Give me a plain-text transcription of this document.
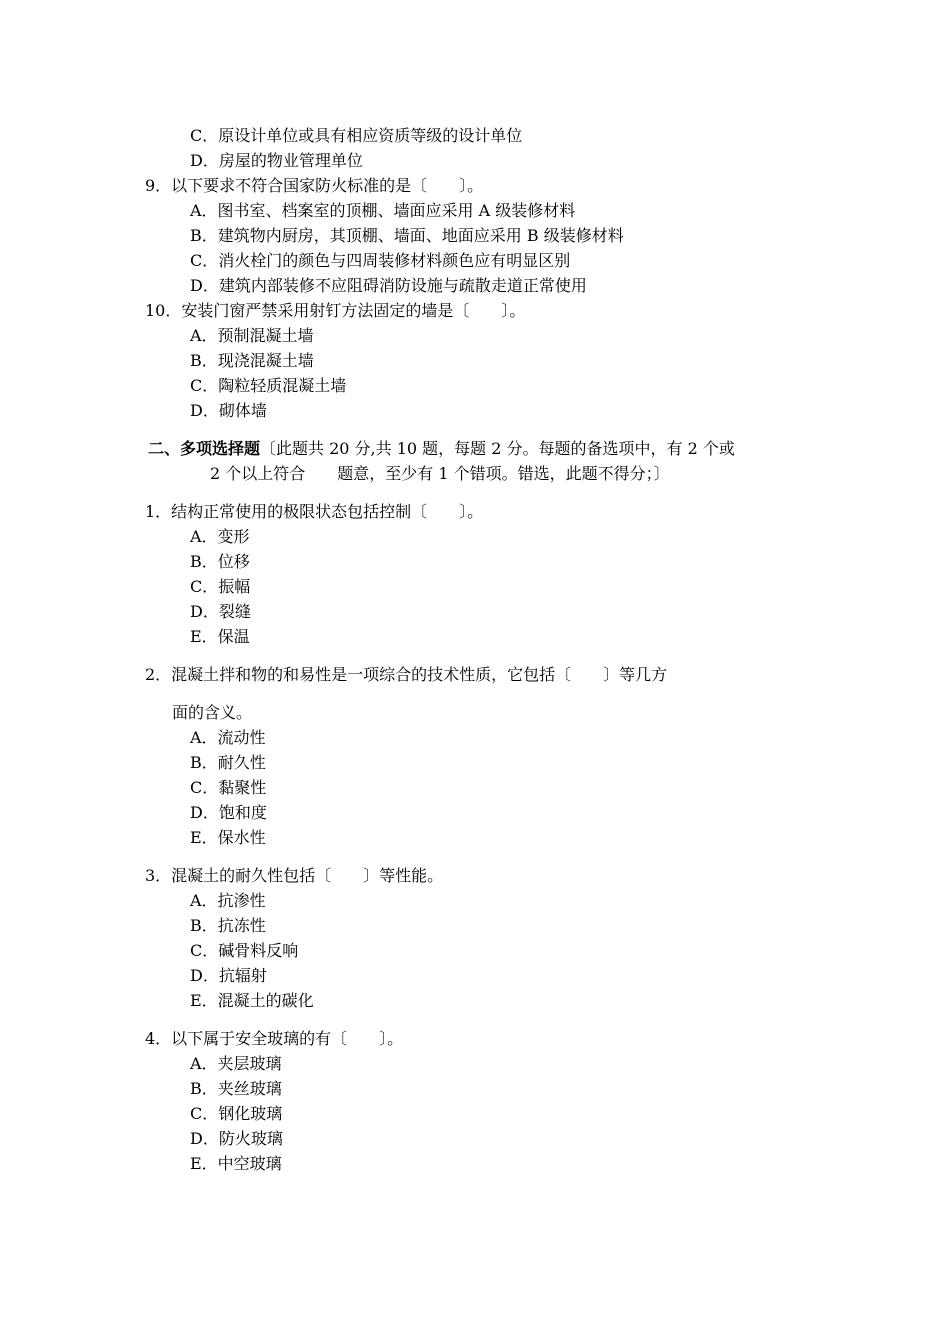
C．原设计单位或具有相应资质等级的设计单位
D．房屋的物业管理单位
9．以下要求不符合国家防火标准的是〔　　〕。
A．图书室、档案室的顶棚、墙面应采用 A 级装修材料
B．建筑物内厨房，其顶棚、墙面、地面应采用 B 级装修材料
C．消火栓门的颜色与四周装修材料颜色应有明显区别
D．建筑内部装修不应阻碍消防设施与疏散走道正常使用
10．安装门窗严禁采用射钉方法固定的墙是〔　　〕。
A．预制混凝土墙
B．现浇混凝土墙
C．陶粒轻质混凝土墙
D．砌体墙
二、多项选择题〔此题共 20 分,共 10 题，每题 2 分。每题的备选项中，有 2 个或
2 个以上符合　　题意，至少有 1 个错项。错选，此题不得分；〕
1．结构正常使用的极限状态包括控制〔　　〕。
A．变形
B．位移
C．振幅
D．裂缝
E．保温
2．混凝土拌和物的和易性是一项综合的技术性质，它包括〔　　〕等几方
面的含义。
A．流动性
B．耐久性
C．黏聚性
D．饱和度
E．保水性
3．混凝土的耐久性包括〔　　〕等性能。
A．抗渗性
B．抗冻性
C．碱骨料反响
D．抗辐射
E．混凝土的碳化
4．以下属于安全玻璃的有〔　　〕。
A．夹层玻璃
B．夹丝玻璃
C．钢化玻璃
D．防火玻璃
E．中空玻璃
